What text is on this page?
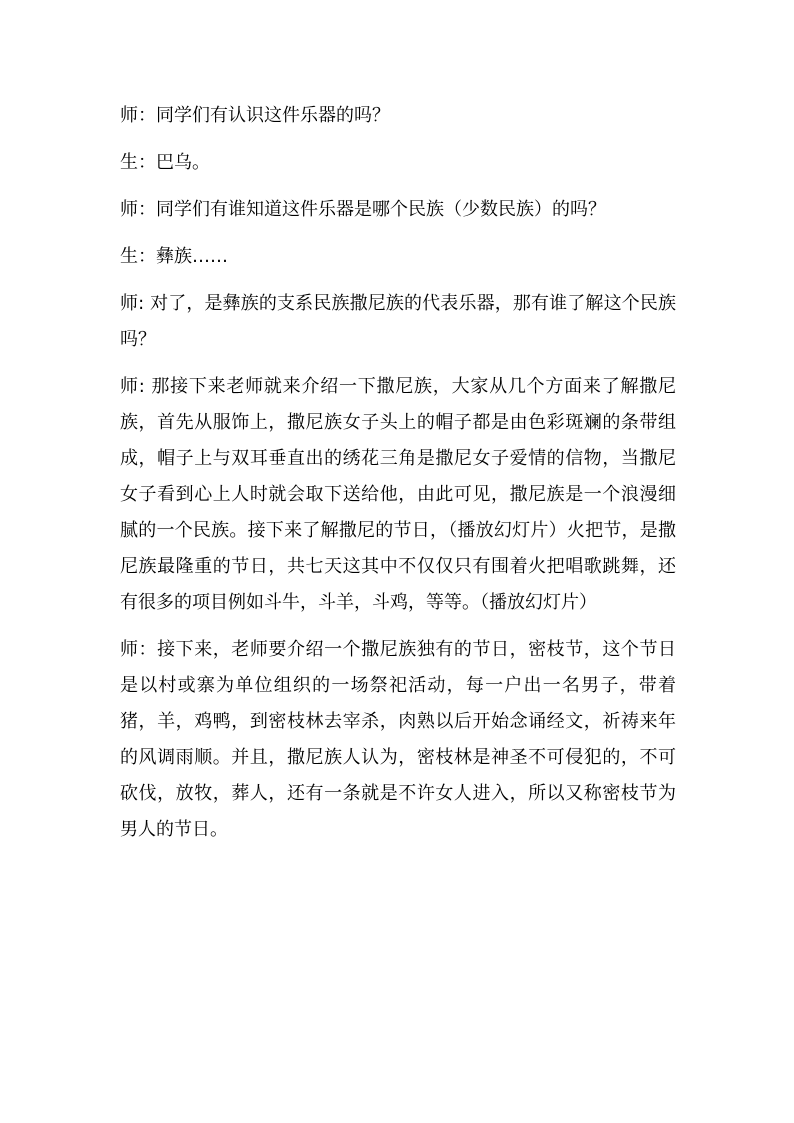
师：同学们有认识这件乐器的吗？

生：巴乌。

师：同学们有谁知道这件乐器是哪个民族（少数民族）的吗？

生：彝族……

师: 对了，是彝族的支系民族撒尼族的代表乐器，那有谁了解这个民族吗？

师: 那接下来老师就来介绍一下撒尼族，大家从几个方面来了解撒尼族，首先从服饰上，撒尼族女子头上的帽子都是由色彩斑斓的条带组成，帽子上与双耳垂直出的绣花三角是撒尼女子爱情的信物，当撒尼女子看到心上人时就会取下送给他，由此可见，撒尼族是一个浪漫细腻的一个民族。接下来了解撒尼的节日，（播放幻灯片）火把节，是撒尼族最隆重的节日，共七天这其中不仅仅只有围着火把唱歌跳舞，还有很多的项目例如斗牛，斗羊，斗鸡，等等。（播放幻灯片）

师：接下来，老师要介绍一个撒尼族独有的节日，密枝节，这个节日是以村或寨为单位组织的一场祭祀活动，每一户出一名男子，带着猪，羊，鸡鸭，到密枝林去宰杀，肉熟以后开始念诵经文，祈祷来年的风调雨顺。并且，撒尼族人认为，密枝林是神圣不可侵犯的，不可砍伐，放牧，葬人，还有一条就是不许女人进入，所以又称密枝节为男人的节日。
